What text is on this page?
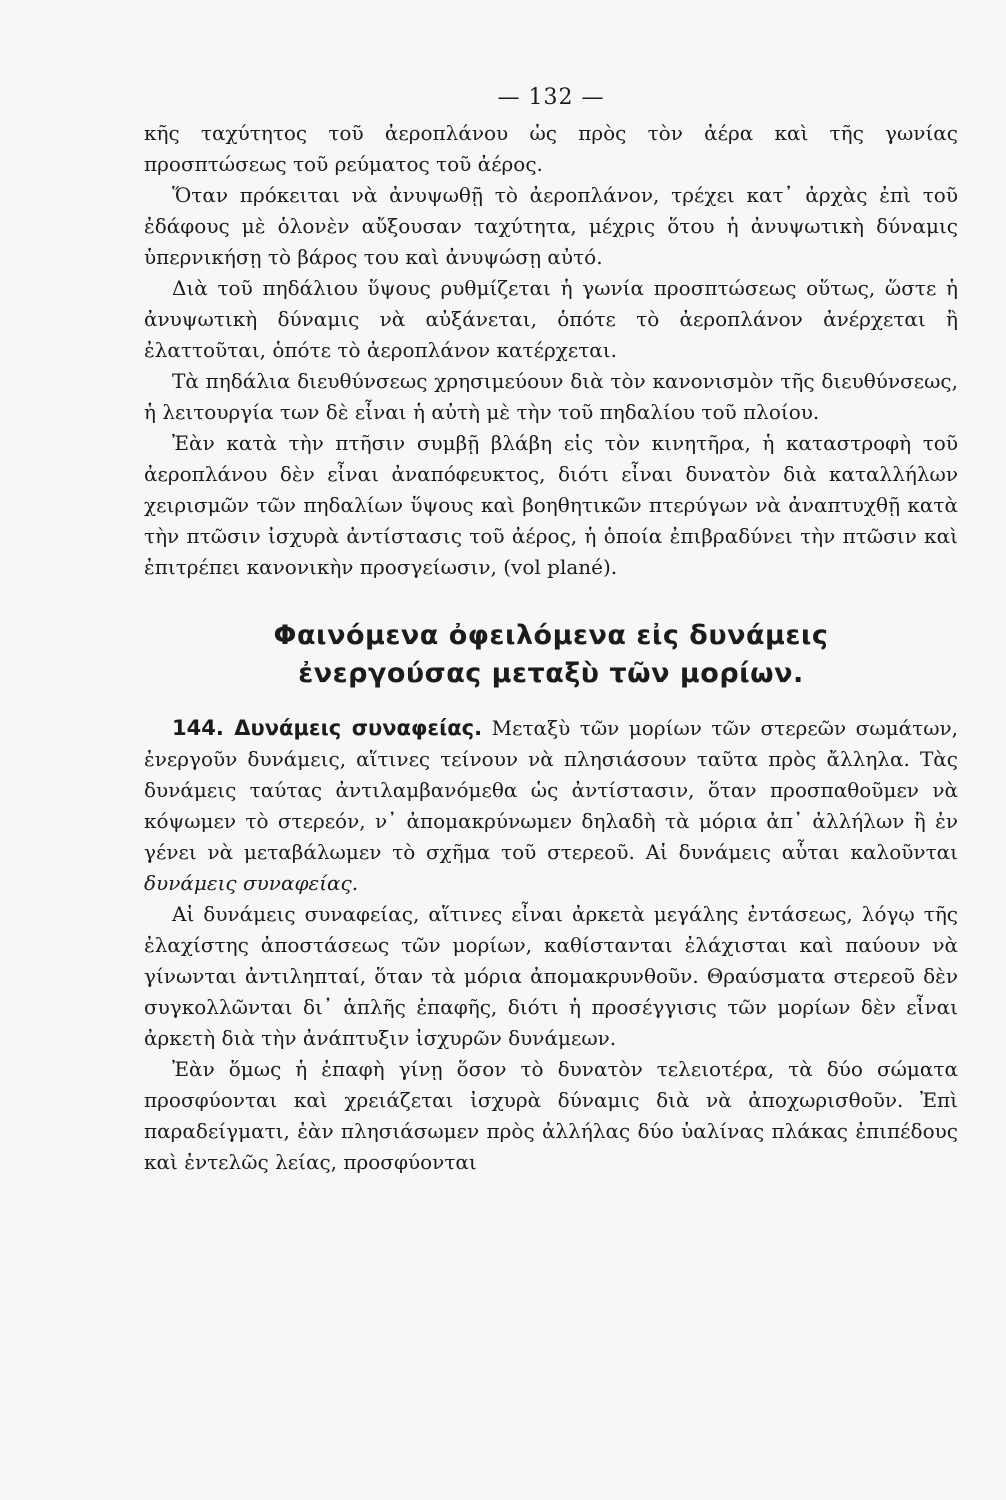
— 132 —

κῆς ταχύτητος τοῦ ἀεροπλάνου ὡς πρὸς τὸν ἀέρα καὶ τῆς γωνίας προσπτώσεως τοῦ ρεύματος τοῦ ἀέρος.

Ὅταν πρόκειται νὰ ἀνυψωθῇ τὸ ἀεροπλάνον, τρέχει κατ᾿ ἀρχὰς ἐπὶ τοῦ ἐδάφους μὲ ὁλονὲν αὔξουσαν ταχύτητα, μέχρις ὅτου ἡ ἀνυψωτικὴ δύναμις ὑπερνικήσῃ τὸ βάρος του καὶ ἀνυψώσῃ αὐτό.

Διὰ τοῦ πηδάλιου ὕψους ρυθμίζεται ἡ γωνία προσπτώσεως οὕτως, ὥστε ἡ ἀνυψωτικὴ δύναμις νὰ αὐξάνεται, ὁπότε τὸ ἀεροπλάνον ἀνέρχεται ἢ ἐλαττοῦται, ὁπότε τὸ ἀεροπλάνον κατέρχεται.

Τὰ πηδάλια διευθύνσεως χρησιμεύουν διὰ τὸν κανονισμὸν τῆς διευθύνσεως, ἡ λειτουργία των δὲ εἶναι ἡ αὐτὴ μὲ τὴν τοῦ πηδαλίου τοῦ πλοίου.

Ἐὰν κατὰ τὴν πτῆσιν συμβῇ βλάβη εἰς τὸν κινητῆρα, ἡ καταστροφὴ τοῦ ἀεροπλάνου δὲν εἶναι ἀναπόφευκτος, διότι εἶναι δυνατὸν διὰ καταλλήλων χειρισμῶν τῶν πηδαλίων ὕψους καὶ βοηθητικῶν πτερύγων νὰ ἀναπτυχθῇ κατὰ τὴν πτῶσιν ἰσχυρὰ ἀντίστασις τοῦ ἀέρος, ἡ ὁποία ἐπιβραδύνει τὴν πτῶσιν καὶ ἐπιτρέπει κανονικὴν προσγείωσιν, (vol plané).

Φαινόμενα ὀφειλόμενα εἰς δυνάμεις
ἐνεργούσας μεταξὺ τῶν μορίων.

144. Δυνάμεις συναφείας. Μεταξὺ τῶν μορίων τῶν στερεῶν σωμάτων, ἐνεργοῦν δυνάμεις, αἵτινες τείνουν νὰ πλησιάσουν ταῦτα πρὸς ἄλληλα. Τὰς δυνάμεις ταύτας ἀντιλαμβανόμεθα ὡς ἀντίστασιν, ὅταν προσπαθοῦμεν νὰ κόψωμεν τὸ στερεόν, ν᾿ ἀπομακρύνωμεν δηλαδὴ τὰ μόρια ἀπ᾿ ἀλλήλων ἢ ἐν γένει νὰ μεταβάλωμεν τὸ σχῆμα τοῦ στερεοῦ. Αἱ δυνάμεις αὗται καλοῦνται δυνάμεις συναφείας.

Αἱ δυνάμεις συναφείας, αἵτινες εἶναι ἀρκετὰ μεγάλης ἐντάσεως, λόγῳ τῆς ἐλαχίστης ἀποστάσεως τῶν μορίων, καθίστανται ἐλάχισται καὶ παύουν νὰ γίνωνται ἀντιληπταί, ὅταν τὰ μόρια ἀπομακρυνθοῦν. Θραύσματα στερεοῦ δὲν συγκολλῶνται δι᾿ ἁπλῆς ἐπαφῆς, διότι ἡ προσέγγισις τῶν μορίων δὲν εἶναι ἀρκετὴ διὰ τὴν ἀνάπτυξιν ἰσχυρῶν δυνάμεων.

Ἐὰν ὅμως ἡ ἐπαφὴ γίνῃ ὅσον τὸ δυνατὸν τελειοτέρα, τὰ δύο σώματα προσφύονται καὶ χρειάζεται ἰσχυρὰ δύναμις διὰ νὰ ἀποχωρισθοῦν. Ἐπὶ παραδείγματι, ἐὰν πλησιάσωμεν πρὸς ἀλλήλας δύο ὑαλίνας πλάκας ἐπιπέδους καὶ ἐντελῶς λείας, προσφύονται
